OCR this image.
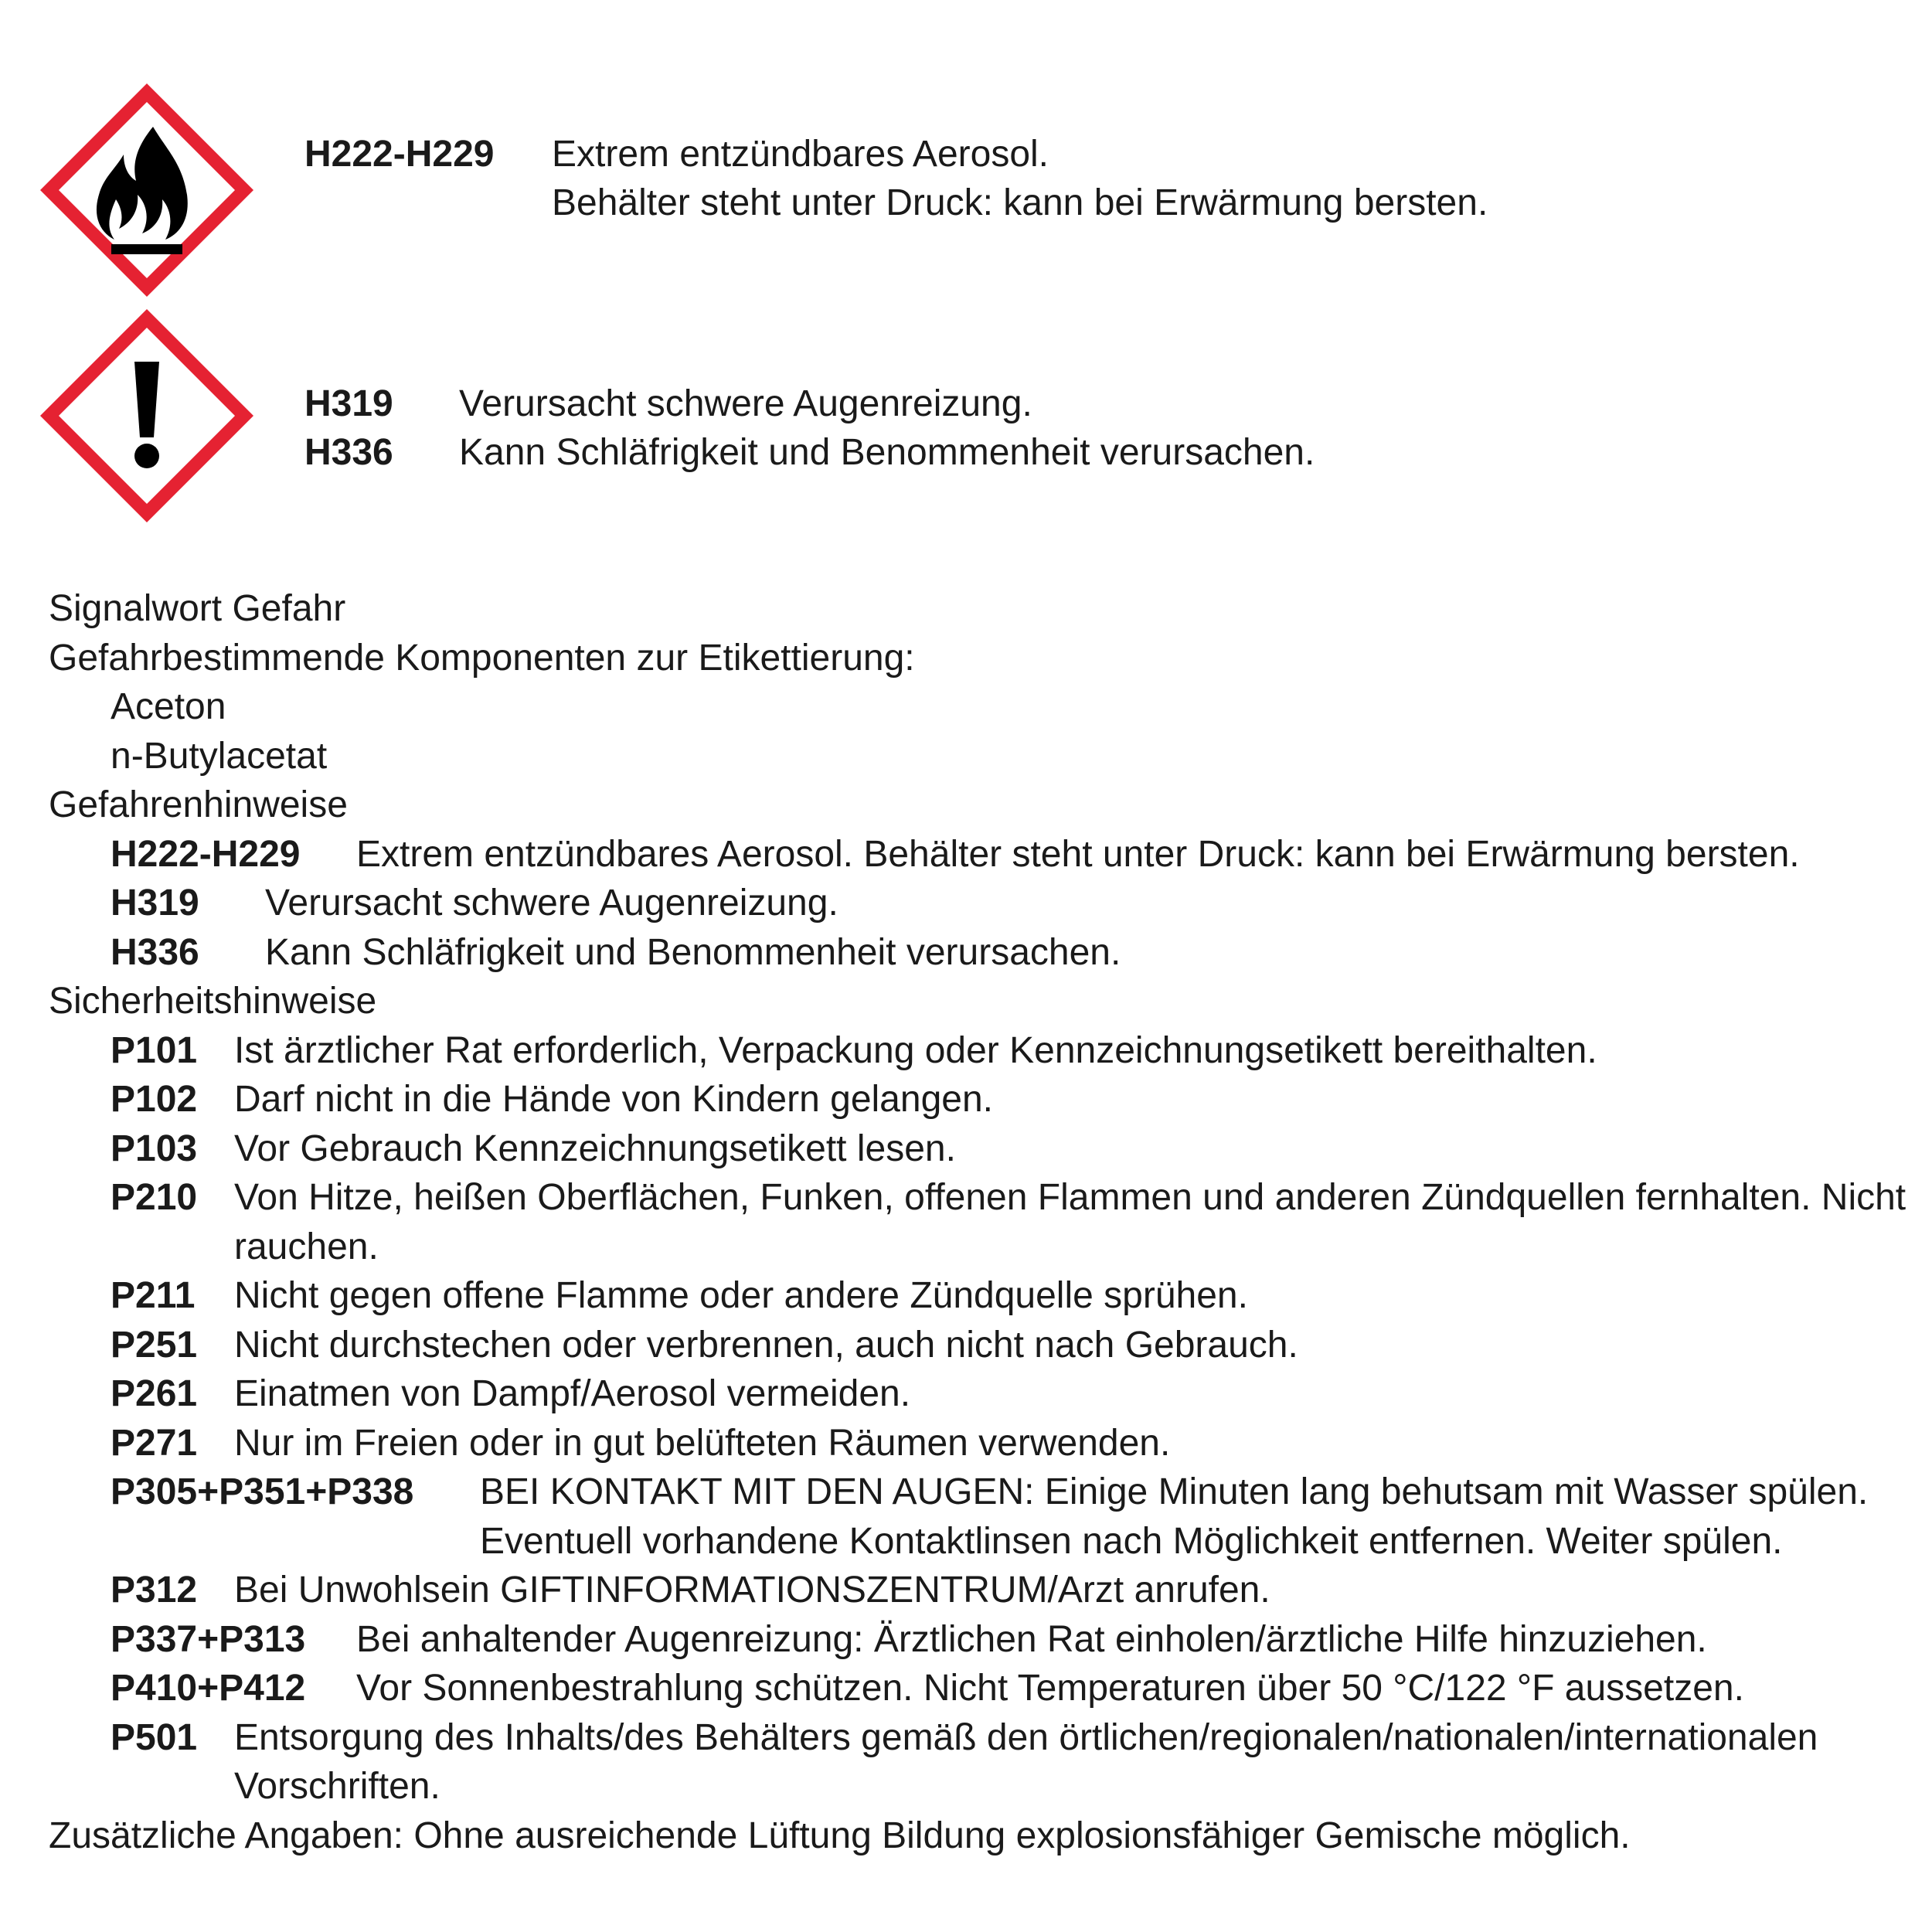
H222-H229 Extrem entzündbares Aerosol.
Behälter steht unter Druck: kann bei Erwärmung bersten.
H319 Verursacht schwere Augenreizung.
H336 Kann Schläfrigkeit und Benommenheit verursachen.
Signalwort Gefahr
Gefahrbestimmende Komponenten zur Etikettierung:
Aceton
n-Butylacetat
Gefahrenhinweise
H222-H229 Extrem entzündbares Aerosol. Behälter steht unter Druck: kann bei Erwärmung bersten.
H319 Verursacht schwere Augenreizung.
H336 Kann Schläfrigkeit und Benommenheit verursachen.
Sicherheitshinweise
P101 Ist ärztlicher Rat erforderlich, Verpackung oder Kennzeichnungsetikett bereithalten.
P102 Darf nicht in die Hände von Kindern gelangen.
P103 Vor Gebrauch Kennzeichnungsetikett lesen.
P210 Von Hitze, heißen Oberflächen, Funken, offenen Flammen und anderen Zündquellen fernhalten. Nicht rauchen.
P211 Nicht gegen offene Flamme oder andere Zündquelle sprühen.
P251 Nicht durchstechen oder verbrennen, auch nicht nach Gebrauch.
P261 Einatmen von Dampf/Aerosol vermeiden.
P271 Nur im Freien oder in gut belüfteten Räumen verwenden.
P305+P351+P338 BEI KONTAKT MIT DEN AUGEN: Einige Minuten lang behutsam mit Wasser spülen. Eventuell vorhandene Kontaktlinsen nach Möglichkeit entfernen. Weiter spülen.
P312 Bei Unwohlsein GIFTINFORMATIONSZENTRUM/Arzt anrufen.
P337+P313 Bei anhaltender Augenreizung: Ärztlichen Rat einholen/ärztliche Hilfe hinzuziehen.
P410+P412 Vor Sonnenbestrahlung schützen. Nicht Temperaturen über 50 °C/122 °F aussetzen.
P501 Entsorgung des Inhalts/des Behälters gemäß den örtlichen/regionalen/nationalen/internationalen Vorschriften.
Zusätzliche Angaben: Ohne ausreichende Lüftung Bildung explosionsfähiger Gemische möglich.
